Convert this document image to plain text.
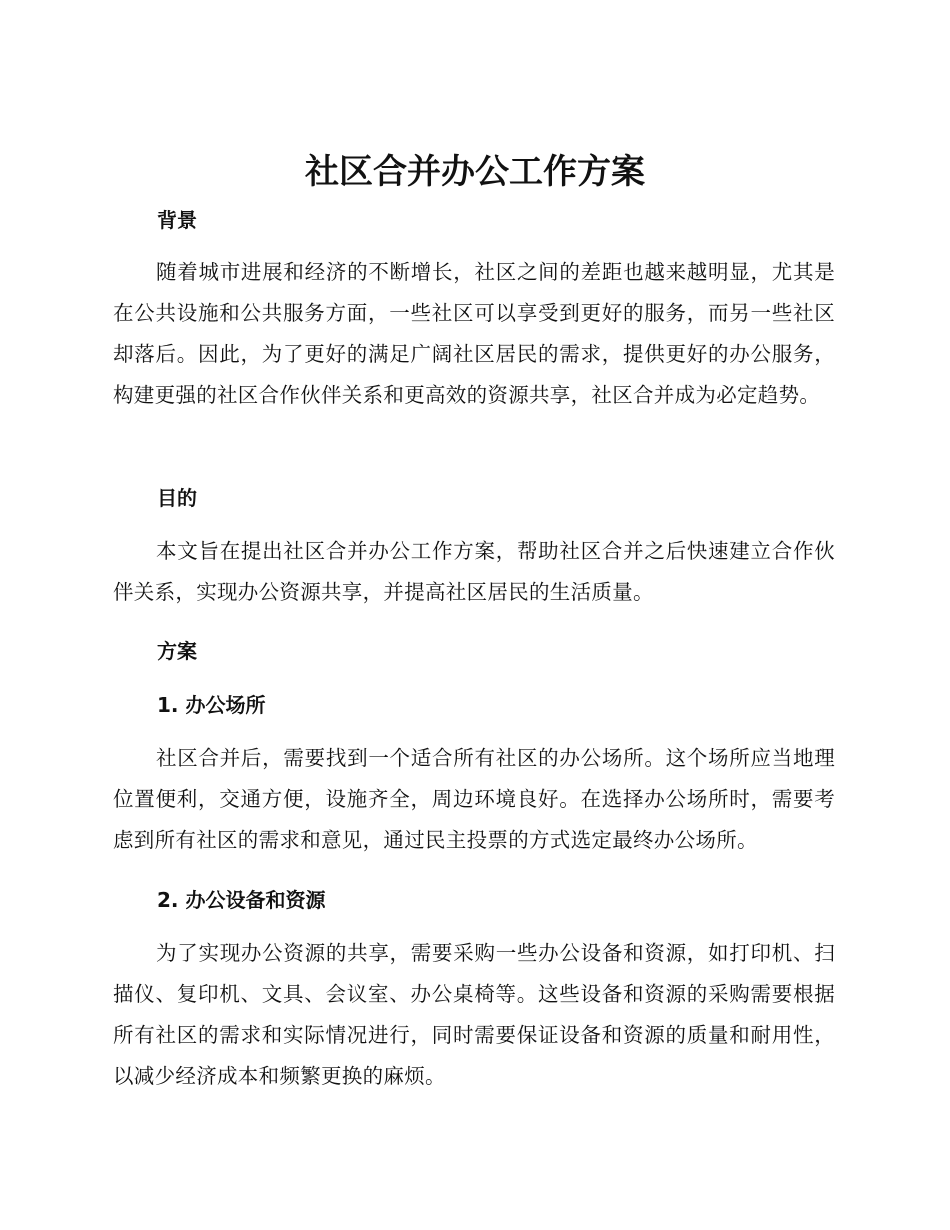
社区合并办公工作方案
背景

随着城市进展和经济的不断增长，社区之间的差距也越来越明显，尤其是在公共设施和公共服务方面，一些社区可以享受到更好的服务，而另一些社区却落后。因此，为了更好的满足广阔社区居民的需求，提供更好的办公服务，构建更强的社区合作伙伴关系和更高效的资源共享，社区合并成为必定趋势。

目的

本文旨在提出社区合并办公工作方案，帮助社区合并之后快速建立合作伙伴关系，实现办公资源共享，并提高社区居民的生活质量。

方案
1. 办公场所

社区合并后，需要找到一个适合所有社区的办公场所。这个场所应当地理位置便利，交通方便，设施齐全，周边环境良好。在选择办公场所时，需要考虑到所有社区的需求和意见，通过民主投票的方式选定最终办公场所。

2. 办公设备和资源

为了实现办公资源的共享，需要采购一些办公设备和资源，如打印机、扫描仪、复印机、文具、会议室、办公桌椅等。这些设备和资源的采购需要根据所有社区的需求和实际情况进行，同时需要保证设备和资源的质量和耐用性，以减少经济成本和频繁更换的麻烦。
